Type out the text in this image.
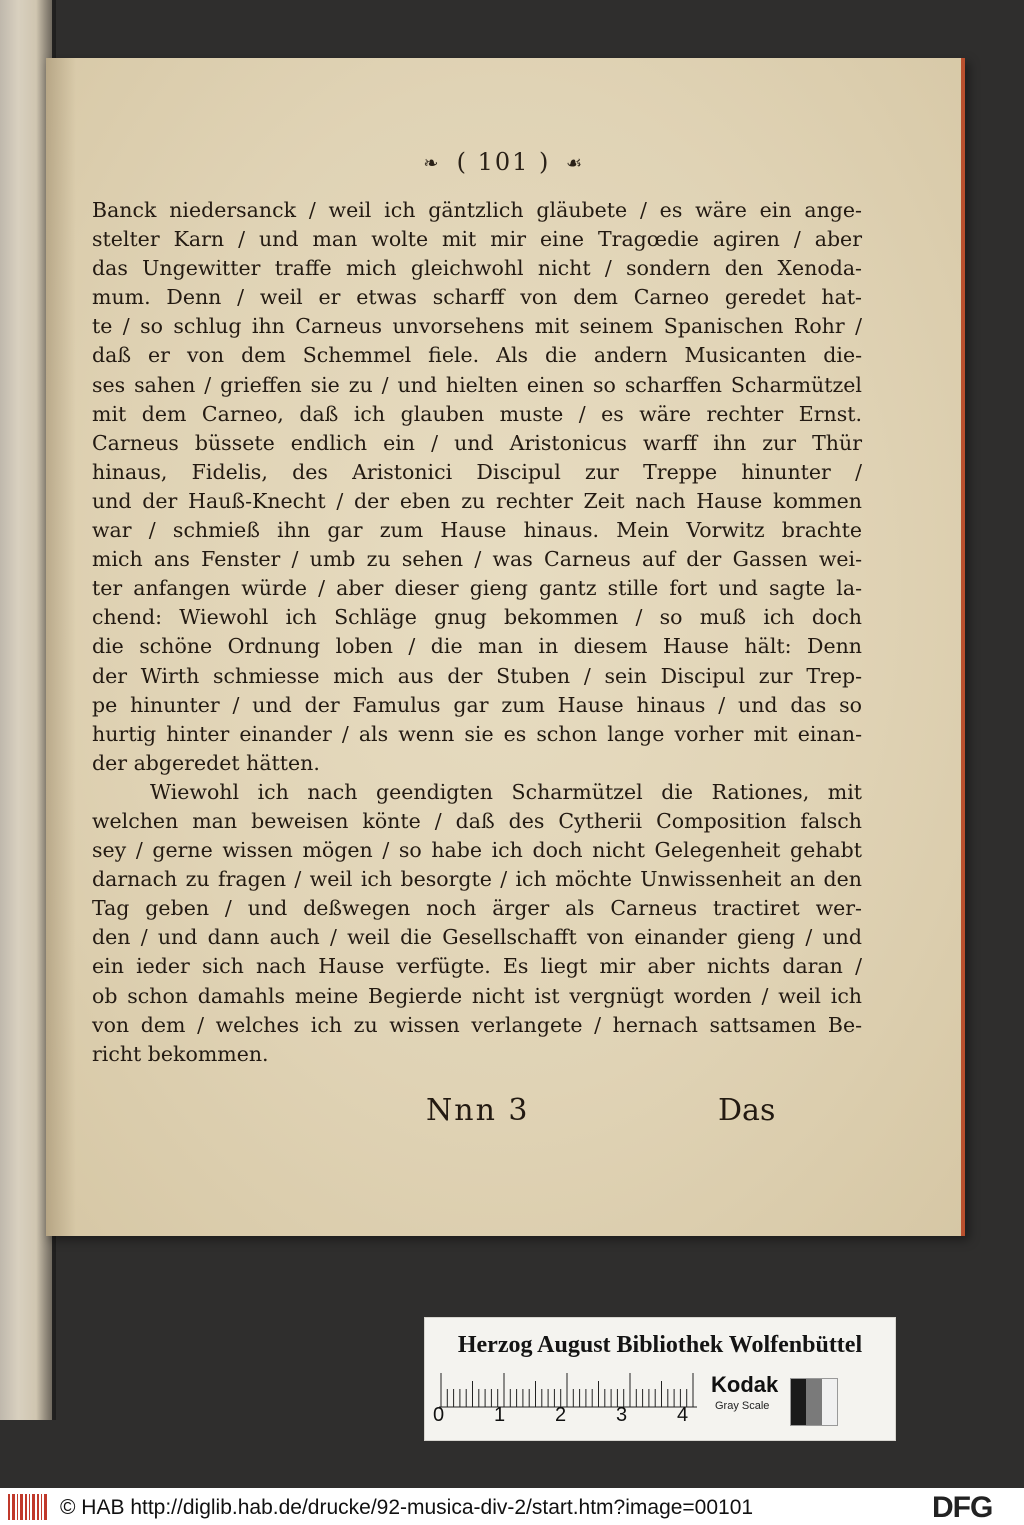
❧ ( 101 ) ☙
Banck niedersanck / weil ich gäntzlich gläubete / es wäre ein ange-
stelter Karn / und man wolte mit mir eine Tragœdie agiren / aber
das Ungewitter traffe mich gleichwohl nicht / sondern den Xenoda-
mum. Denn / weil er etwas scharff von dem Carneo geredet hat-
te / so schlug ihn Carneus unvorsehens mit seinem Spanischen Rohr /
daß er von dem Schemmel fiele. Als die andern Musicanten die-
ses sahen / grieffen sie zu / und hielten einen so scharffen Scharmützel
mit dem Carneo, daß ich glauben muste / es wäre rechter Ernst.
Carneus büssete endlich ein / und Aristonicus warff ihn zur Thür
hinaus, Fidelis, des Aristonici Discipul zur Treppe hinunter /
und der Hauß-Knecht / der eben zu rechter Zeit nach Hause kommen
war / schmieß ihn gar zum Hause hinaus. Mein Vorwitz brachte
mich ans Fenster / umb zu sehen / was Carneus auf der Gassen wei-
ter anfangen würde / aber dieser gieng gantz stille fort und sagte la-
chend: Wiewohl ich Schläge gnug bekommen / so muß ich doch
die schöne Ordnung loben / die man in diesem Hause hält: Denn
der Wirth schmiesse mich aus der Stuben / sein Discipul zur Trep-
pe hinunter / und der Famulus gar zum Hause hinaus / und das so
hurtig hinter einander / als wenn sie es schon lange vorher mit einan-
der abgeredet hätten.
Wiewohl ich nach geendigten Scharmützel die Rationes, mit
welchen man beweisen könte / daß des Cytherii Composition falsch
sey / gerne wissen mögen / so habe ich doch nicht Gelegenheit gehabt
darnach zu fragen / weil ich besorgte / ich möchte Unwissenheit an den
Tag geben / und deßwegen noch ärger als Carneus tractiret wer-
den / und dann auch / weil die Gesellschafft von einander gieng / und
ein ieder sich nach Hause verfügte. Es liegt mir aber nichts daran /
ob schon damahls meine Begierde nicht ist vergnügt worden / weil ich
von dem / welches ich zu wissen verlangete / hernach sattsamen Be-
richt bekommen.
Nnn 3	Das
Herzog August Bibliothek Wolfenbüttel
0 1 2 3 4
Kodak
Gray Scale
© HAB http://diglib.hab.de/drucke/92-musica-div-2/start.htm?image=00101	DFG
